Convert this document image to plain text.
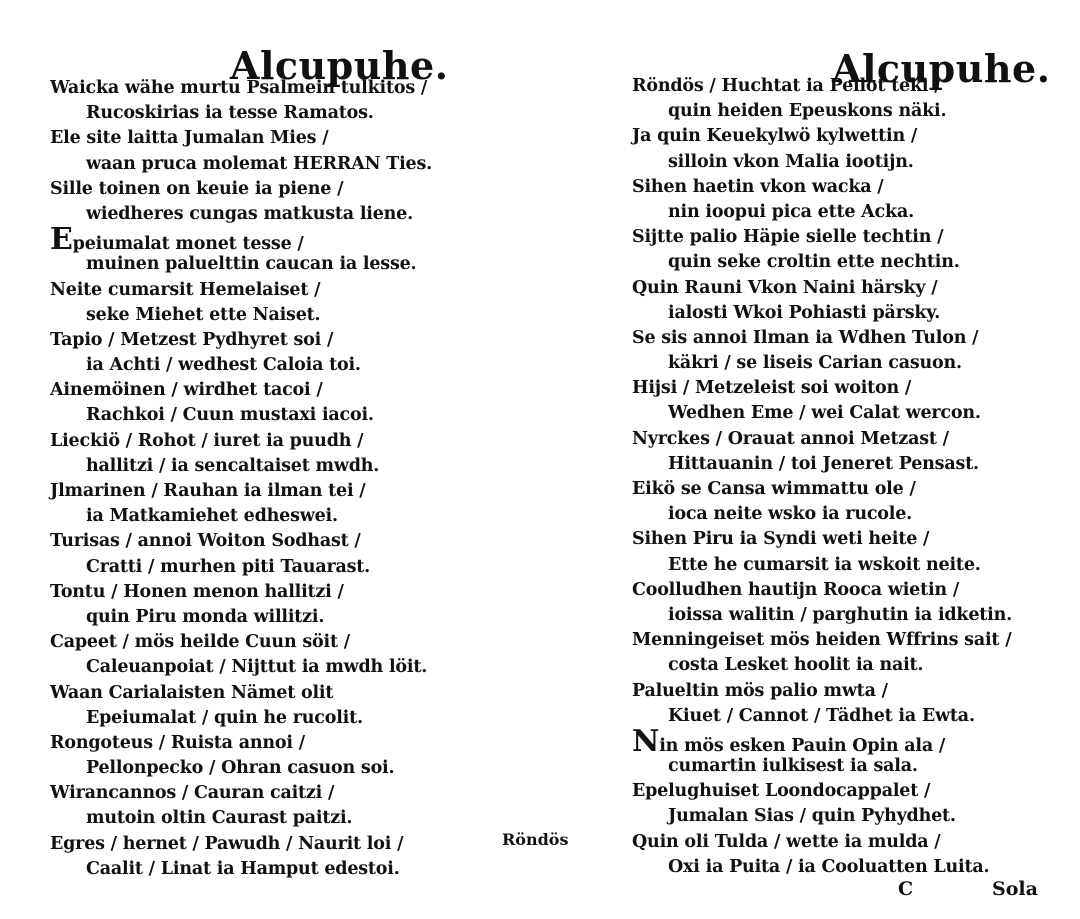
Alcupuhe.
Waicka wähe murtu Psalmein tulkitos /
Rucoskirias ia tesse Ramatos.
Ele site laitta Jumalan Mies /
waan pruca molemat HERRAN Ties.
Sille toinen on keuie ia piene /
wiedheres cungas matkusta liene.
Epeiumalat monet tesse /
muinen paluelttin caucan ia lesse.
Neite cumarsit Hemelaiset /
seke Miehet ette Naiset.
Tapio / Metzest Pydhyret soi /
ia Achti / wedhest Caloia toi.
Ainemöinen / wirdhet tacoi /
Rachkoi / Cuun mustaxi iacoi.
Lieckiö / Rohot / iuret ia puudh /
hallitzi / ia sencaltaiset mwdh.
Jlmarinen / Rauhan ia ilman tei /
ia Matkamiehet edheswei.
Turisas / annoi Woiton Sodhast /
Cratti / murhen piti Tauarast.
Tontu / Honen menon hallitzi /
quin Piru monda willitzi.
Capeet / mös heilde Cuun söit /
Caleuanpoiat / Nijttut ia mwdh löit.
Waan Carialaisten Nämet olit
Epeiumalat / quin he rucolit.
Rongoteus / Ruista annoi /
Pellonpecko / Ohran casuon soi.
Wirancannos / Cauran caitzi /
mutoin oltin Caurast paitzi.
Egres / hernet / Pawudh / Naurit loi /
Caalit / Linat ia Hamput edestoi.
Röndös
Alcupuhe.
Röndös / Huchtat ia Pellot teki /
quin heiden Epeuskons näki.
Ja quin Keuekylwö kylwettin /
silloin vkon Malia iootijn.
Sihen haetin vkon wacka /
nin ioopui pica ette Acka.
Sijtte palio Häpie sielle techtin /
quin seke croltin ette nechtin.
Quin Rauni Vkon Naini härsky /
ialosti Wkoi Pohiasti pärsky.
Se sis annoi Ilman ia Wdhen Tulon /
käkri / se liseis Carian casuon.
Hijsi / Metzeleist soi woiton /
Wedhen Eme / wei Calat wercon.
Nyrckes / Orauat annoi Metzast /
Hittauanin / toi Jeneret Pensast.
Eikö se Cansa wimmattu ole /
ioca neite wsko ia rucole.
Sihen Piru ia Syndi weti heite /
Ette he cumarsit ia wskoit neite.
Coolludhen hautijn Rooca wietin /
ioissa walitin / parghutin ia idketin.
Menningeiset mös heiden Wffrins sait /
costa Lesket hoolit ia nait.
Palueltin mös palio mwta /
Kiuet / Cannot / Tädhet ia Ewta.
Nin mös esken Pauin Opin ala /
cumartin iulkisest ia sala.
Epelughuiset Loondocappalet /
Jumalan Sias / quin Pyhydhet.
Quin oli Tulda / wette ia mulda /
Oxi ia Puita / ia Cooluatten Luita.
C	Sola
